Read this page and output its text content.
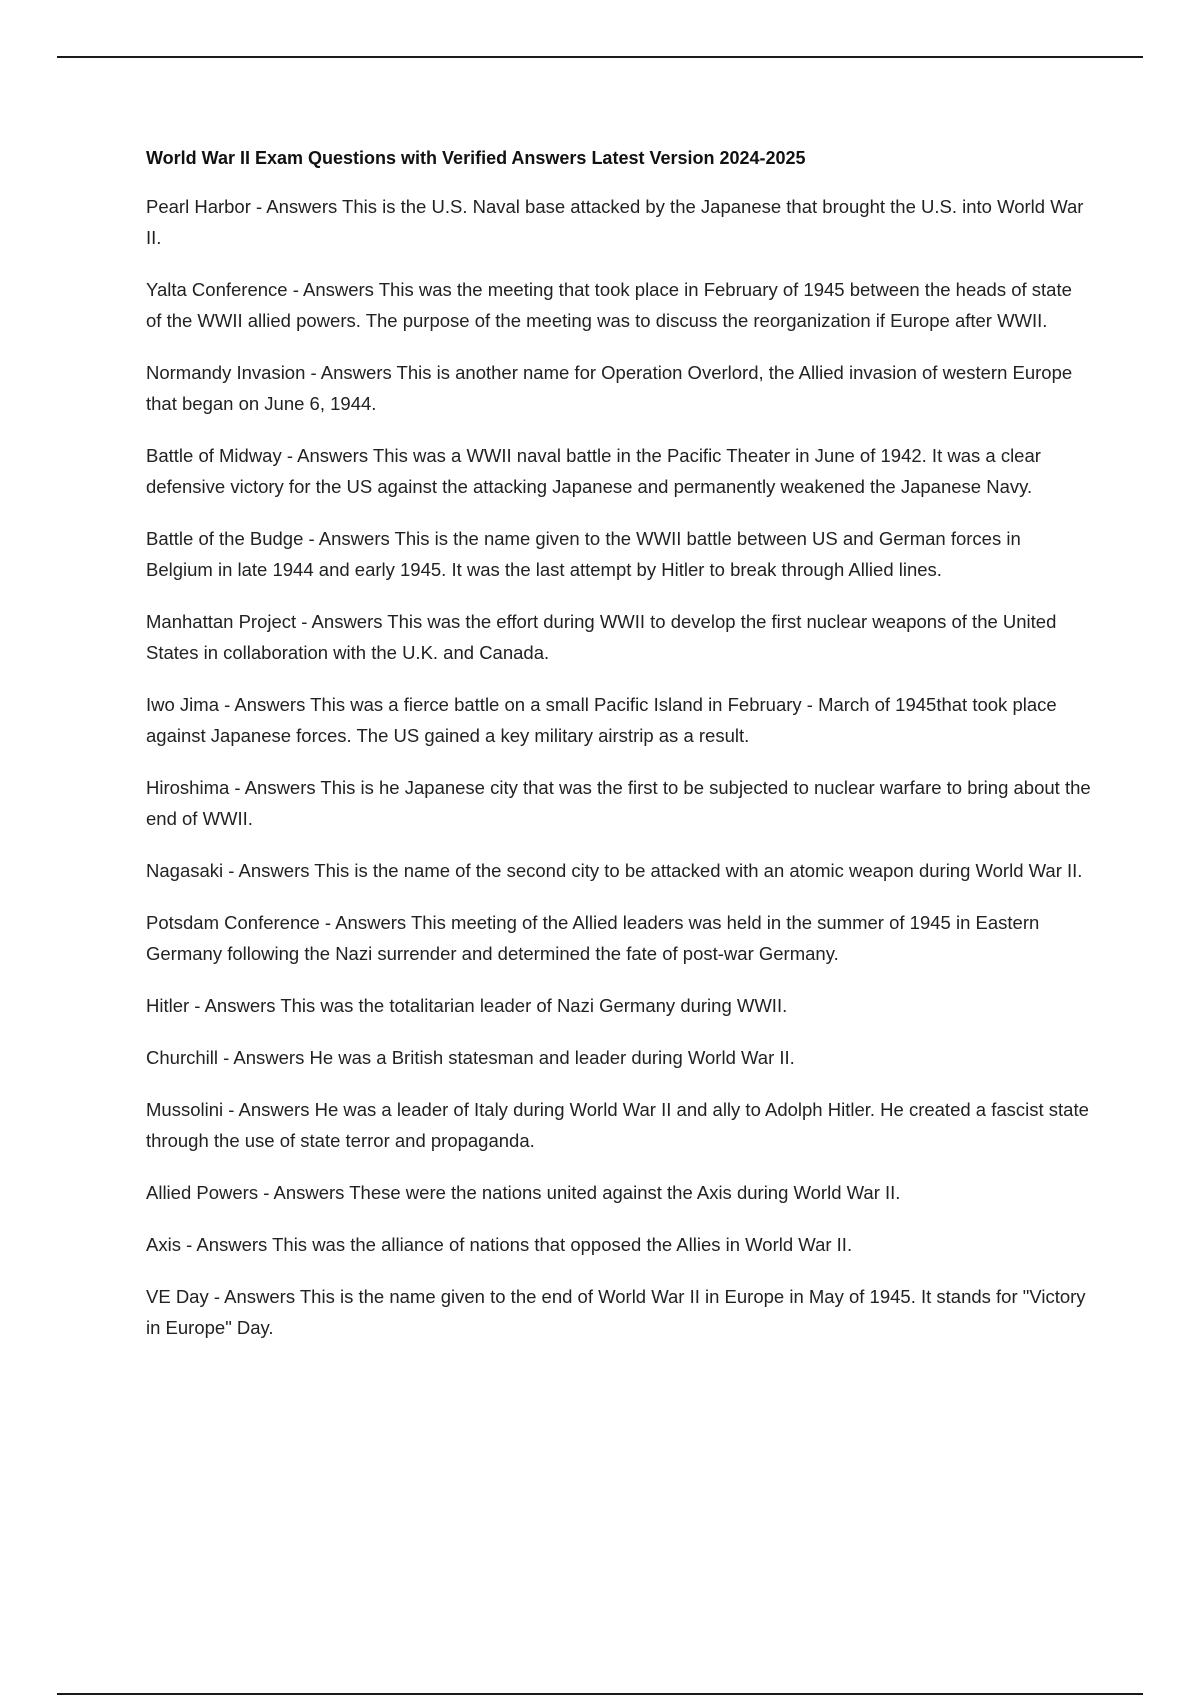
World War II Exam Questions with Verified Answers Latest Version 2024-2025

Pearl Harbor - Answers This is the U.S. Naval base attacked by the Japanese that brought the U.S. into World War II.

Yalta Conference - Answers This was the meeting that took place in February of 1945 between the heads of state of the WWII allied powers. The purpose of the meeting was to discuss the reorganization if Europe after WWII.

Normandy Invasion - Answers This is another name for Operation Overlord, the Allied invasion of western Europe that began on June 6, 1944.

Battle of Midway - Answers This was a WWII naval battle in the Pacific Theater in June of 1942. It was a clear defensive victory for the US against the attacking Japanese and permanently weakened the Japanese Navy.

Battle of the Budge - Answers This is the name given to the WWII battle between US and German forces in Belgium in late 1944 and early 1945. It was the last attempt by Hitler to break through Allied lines.

Manhattan Project - Answers This was the effort during WWII to develop the first nuclear weapons of the United States in collaboration with the U.K. and Canada.

Iwo Jima - Answers This was a fierce battle on a small Pacific Island in February - March of 1945that took place against Japanese forces. The US gained a key military airstrip as a result.

Hiroshima - Answers This is he Japanese city that was the first to be subjected to nuclear warfare to bring about the end of WWII.

Nagasaki - Answers This is the name of the second city to be attacked with an atomic weapon during World War II.

Potsdam Conference - Answers This meeting of the Allied leaders was held in the summer of 1945 in Eastern Germany following the Nazi surrender and determined the fate of post-war Germany.

Hitler - Answers This was the totalitarian leader of Nazi Germany during WWII.

Churchill - Answers He was a British statesman and leader during World War II.

Mussolini - Answers He was a leader of Italy during World War II and ally to Adolph Hitler. He created a fascist state through the use of state terror and propaganda.

Allied Powers - Answers These were the nations united against the Axis during World War II.

Axis - Answers This was the alliance of nations that opposed the Allies in World War II.

VE Day - Answers This is the name given to the end of World War II in Europe in May of 1945. It stands for "Victory in Europe" Day.
